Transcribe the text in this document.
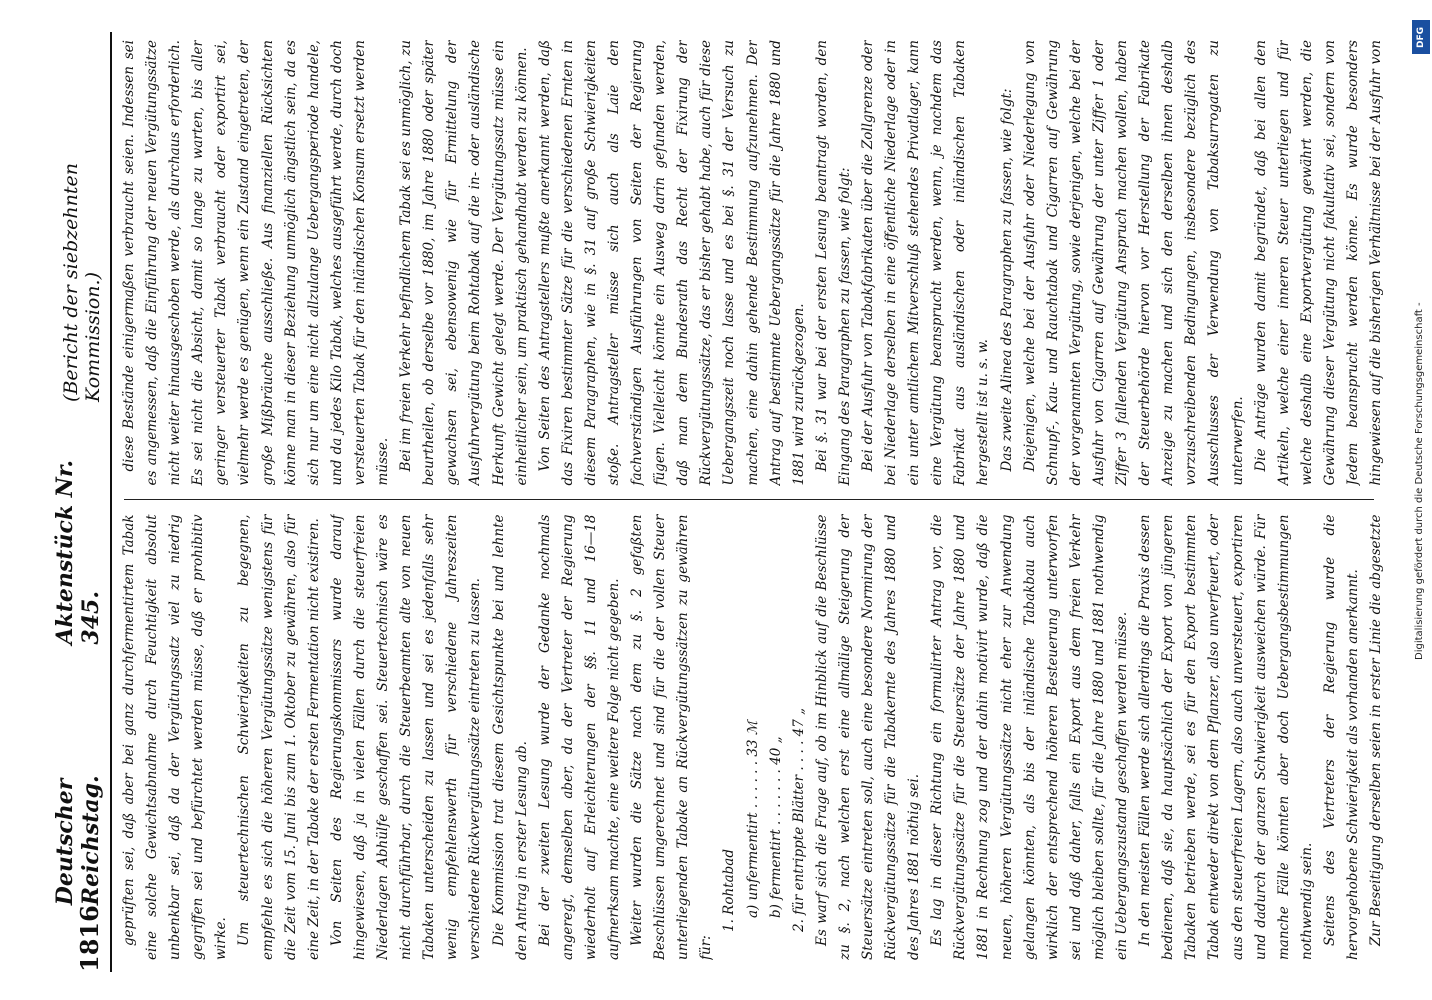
1816
Deutscher Reichstag.
Aktenstück Nr. 345.
(Bericht der siebzehnten Kommission.)

geprüften sei, daß aber bei ganz durchfermentirtem Tabak eine solche Gewichtsabnahme durch Feuchtigkeit absolut unbenkbar sei, daß da der Vergütungssatz viel zu niedrig gegriffen sei und befürchtet werden müsse, daß er prohibitiv wirke. Um steuertechnischen Schwierigkeiten zu begegnen, empfehle es sich die höheren Vergütungssätze wenigstens für die Zeit vom 15. Juni bis zum 1. Oktober zu gewähren, also für eine Zeit, in der Tabake der ersten Fermentation nicht existiren. Von Seiten des Regierungskommissars wurde darauf hingewiesen, daß ja in vielen Fällen durch die steuerfreien Niederlagen Abhülfe geschaffen sei. Steuertechnisch wäre es nicht durchführbar, durch die Steuerbeamten alte von neuen Tabaken unterscheiden zu lassen und sei es jedenfalls sehr wenig empfehlenswerth für verschiedene Jahreszeiten verschiedene Rückvergütungssätze eintreten zu lassen. Die Kommission trat diesem Gesichtspunkte bei und lehnte den Antrag in erster Lesung ab. Bei der zweiten Lesung wurde der Gedanke nochmals angeregt, demselben aber, da der Vertreter der Regierung wiederholt auf Erleichterungen der §§. 11 und 16—18 aufmerksam machte, eine weitere Folge nicht gegeben. Weiter wurden die Sätze nach dem zu §. 2 gefaßten Beschlüssen umgerechnet und sind für die der vollen Steuer unterliegenden Tabake an Rückvergütungssätzen zu gewähren für:

1. Rohtabad a) unfermentirt . . . . . . 33 ℳ b) fermentirt . . . . . . . 40 „ 2. für entrippte Blätter . . . . 47 „ Es warf sich die Frage auf, ob im Hinblick auf die Beschlüsse zu §. 2, nach welchen erst eine allmälige Steigerung der Steuersätze eintreten soll, auch eine besondere Normirung der Rückvergütungssätze für die Tabakernte des Jahres 1880 und des Jahres 1881 nöthig sei. Es lag in dieser Richtung ein formulirter Antrag vor, die Rückvergütungssätze für die Steuersätze der Jahre 1880 und 1881 in Rechnung zog und der dahin motivirt wurde, daß die neuen, höheren Vergütungssätze nicht eher zur Anwendung gelangen könnten, als bis der inländische Tabakbau auch wirklich der entsprechend höheren Besteuerung unterworfen sei und daß daher, falls ein Export aus dem freien Verkehr möglich bleiben sollte, für die Jahre 1880 und 1881 nothwendig ein Uebergangszustand geschaffen werden müsse. In den meisten Fällen werde sich allerdings die Praxis dessen bedienen, daß sie, da hauptsächlich der Export von jüngeren Tabaken betrieben werde, sei es für den Export bestimmten Tabak entweder direkt von dem Pflanzer, also unverfeuert, oder aus den steuerfreien Lagern, also auch unversteuert, exportiren und dadurch der ganzen Schwierigkeit ausweichen würde. Für manche Fälle könnten aber doch Uebergangsbestimmungen nothwendig sein. Seitens des Vertreters der Regierung wurde die hervorgehobene Schwierigkeit als vorhanden anerkannt. Zur Beseitigung derselben seien in erster Linie die abgesetzte

diese Bestände einigermaßen verbraucht seien. Indessen sei es angemessen, daß die Einführung der neuen Vergütungssätze nicht weiter hinausgeschoben werde, als durchaus erforderlich. Es sei nicht die Absicht, damit so lange zu warten, bis aller geringer versteuerter Tabak verbraucht oder exportirt sei, vielmehr werde es genügen, wenn ein Zustand eingetreten, der große Mißbräuche ausschließe. Aus finanziellen Rücksichten könne man in dieser Beziehung unmöglich ängstlich sein, da es sich nur um eine nicht allzulange Uebergangsperiode handele, und da jedes Kilo Tabak, welches ausgeführt werde, durch doch versteuerten Tabak für den inländischen Konsum ersetzt werden müsse. Bei im freien Verkehr befindlichem Tabak sei es unmöglich, zu beurtheilen, ob derselbe vor 1880, im Jahre 1880 oder später gewachsen sei, ebensowenig wie für Ermittelung der Ausfuhrvergütung beim Rohtabak auf die in- oder ausländische Herkunft Gewicht gelegt werde. Der Vergütungssatz müsse ein einheitlicher sein, um praktisch gehandhabt werden zu können. Von Seiten des Antragstellers mußte anerkannt werden, daß das Fixiren bestimmter Sätze für die verschiedenen Ernten in diesem Paragraphen, wie in §. 31 auf große Schwierigkeiten stoße. Antragsteller müsse sich auch als Laie den fachverständigen Ausführungen von Seiten der Regierung fügen. Vielleicht könnte ein Ausweg darin gefunden werden, daß man dem Bundesrath das Recht der Fixirung der Rückvergütungssätze, das er bisher gehabt habe, auch für diese Uebergangszeit noch lasse und es bei §. 31 der Versuch zu machen, eine dahin gehende Bestimmung aufzunehmen. Der Antrag auf bestimmte Uebergangssätze für die Jahre 1880 und 1881 wird zurückgezogen. Bei §. 31 war bei der ersten Lesung beantragt worden, den Eingang des Paragraphen zu fassen, wie folgt: Bei der Ausfuhr von Tabakfabrikaten über die Zollgrenze oder bei Niederlage derselben in eine öffentliche Niederlage oder in ein unter amtlichem Mitverschluß stehendes Privatlager, kann eine Vergütung beansprucht werden, wenn, je nachdem das Fabrikat aus ausländischen oder inländischen Tabaken hergestellt ist u. s. w. Das zweite Alinea des Paragraphen zu fassen, wie folgt: Diejenigen, welche bei der Ausfuhr oder Niederlegung von Schnupf-, Kau- und Rauchtabak und Cigarren auf Gewährung der vorgenannten Vergütung, sowie derjenigen, welche bei der Ausfuhr von Cigarren auf Gewährung der unter Ziffer 1 oder Ziffer 3 fallenden Vergütung Anspruch machen wollen, haben der Steuerbehörde hiervon vor Herstellung der Fabrikate Anzeige zu machen und sich den derselben ihnen deshalb vorzuschreibenden Bedingungen, insbesondere bezüglich des Ausschlusses der Verwendung von Tabaksurrogaten zu unterwerfen. Die Anträge wurden damit begründet, daß bei allen den Artikeln, welche einer inneren Steuer unterliegen und für welche deshalb eine Exportvergütung gewährt werden, die Gewährung dieser Vergütung nicht fakultativ sei, sondern von Jedem beansprucht werden könne. Es wurde besonders hingewiesen auf die bisherigen Verhältnisse bei der Ausfuhr von

DFG
Digitalisierung gefördert durch die Deutsche Forschungsgemeinschaft -
